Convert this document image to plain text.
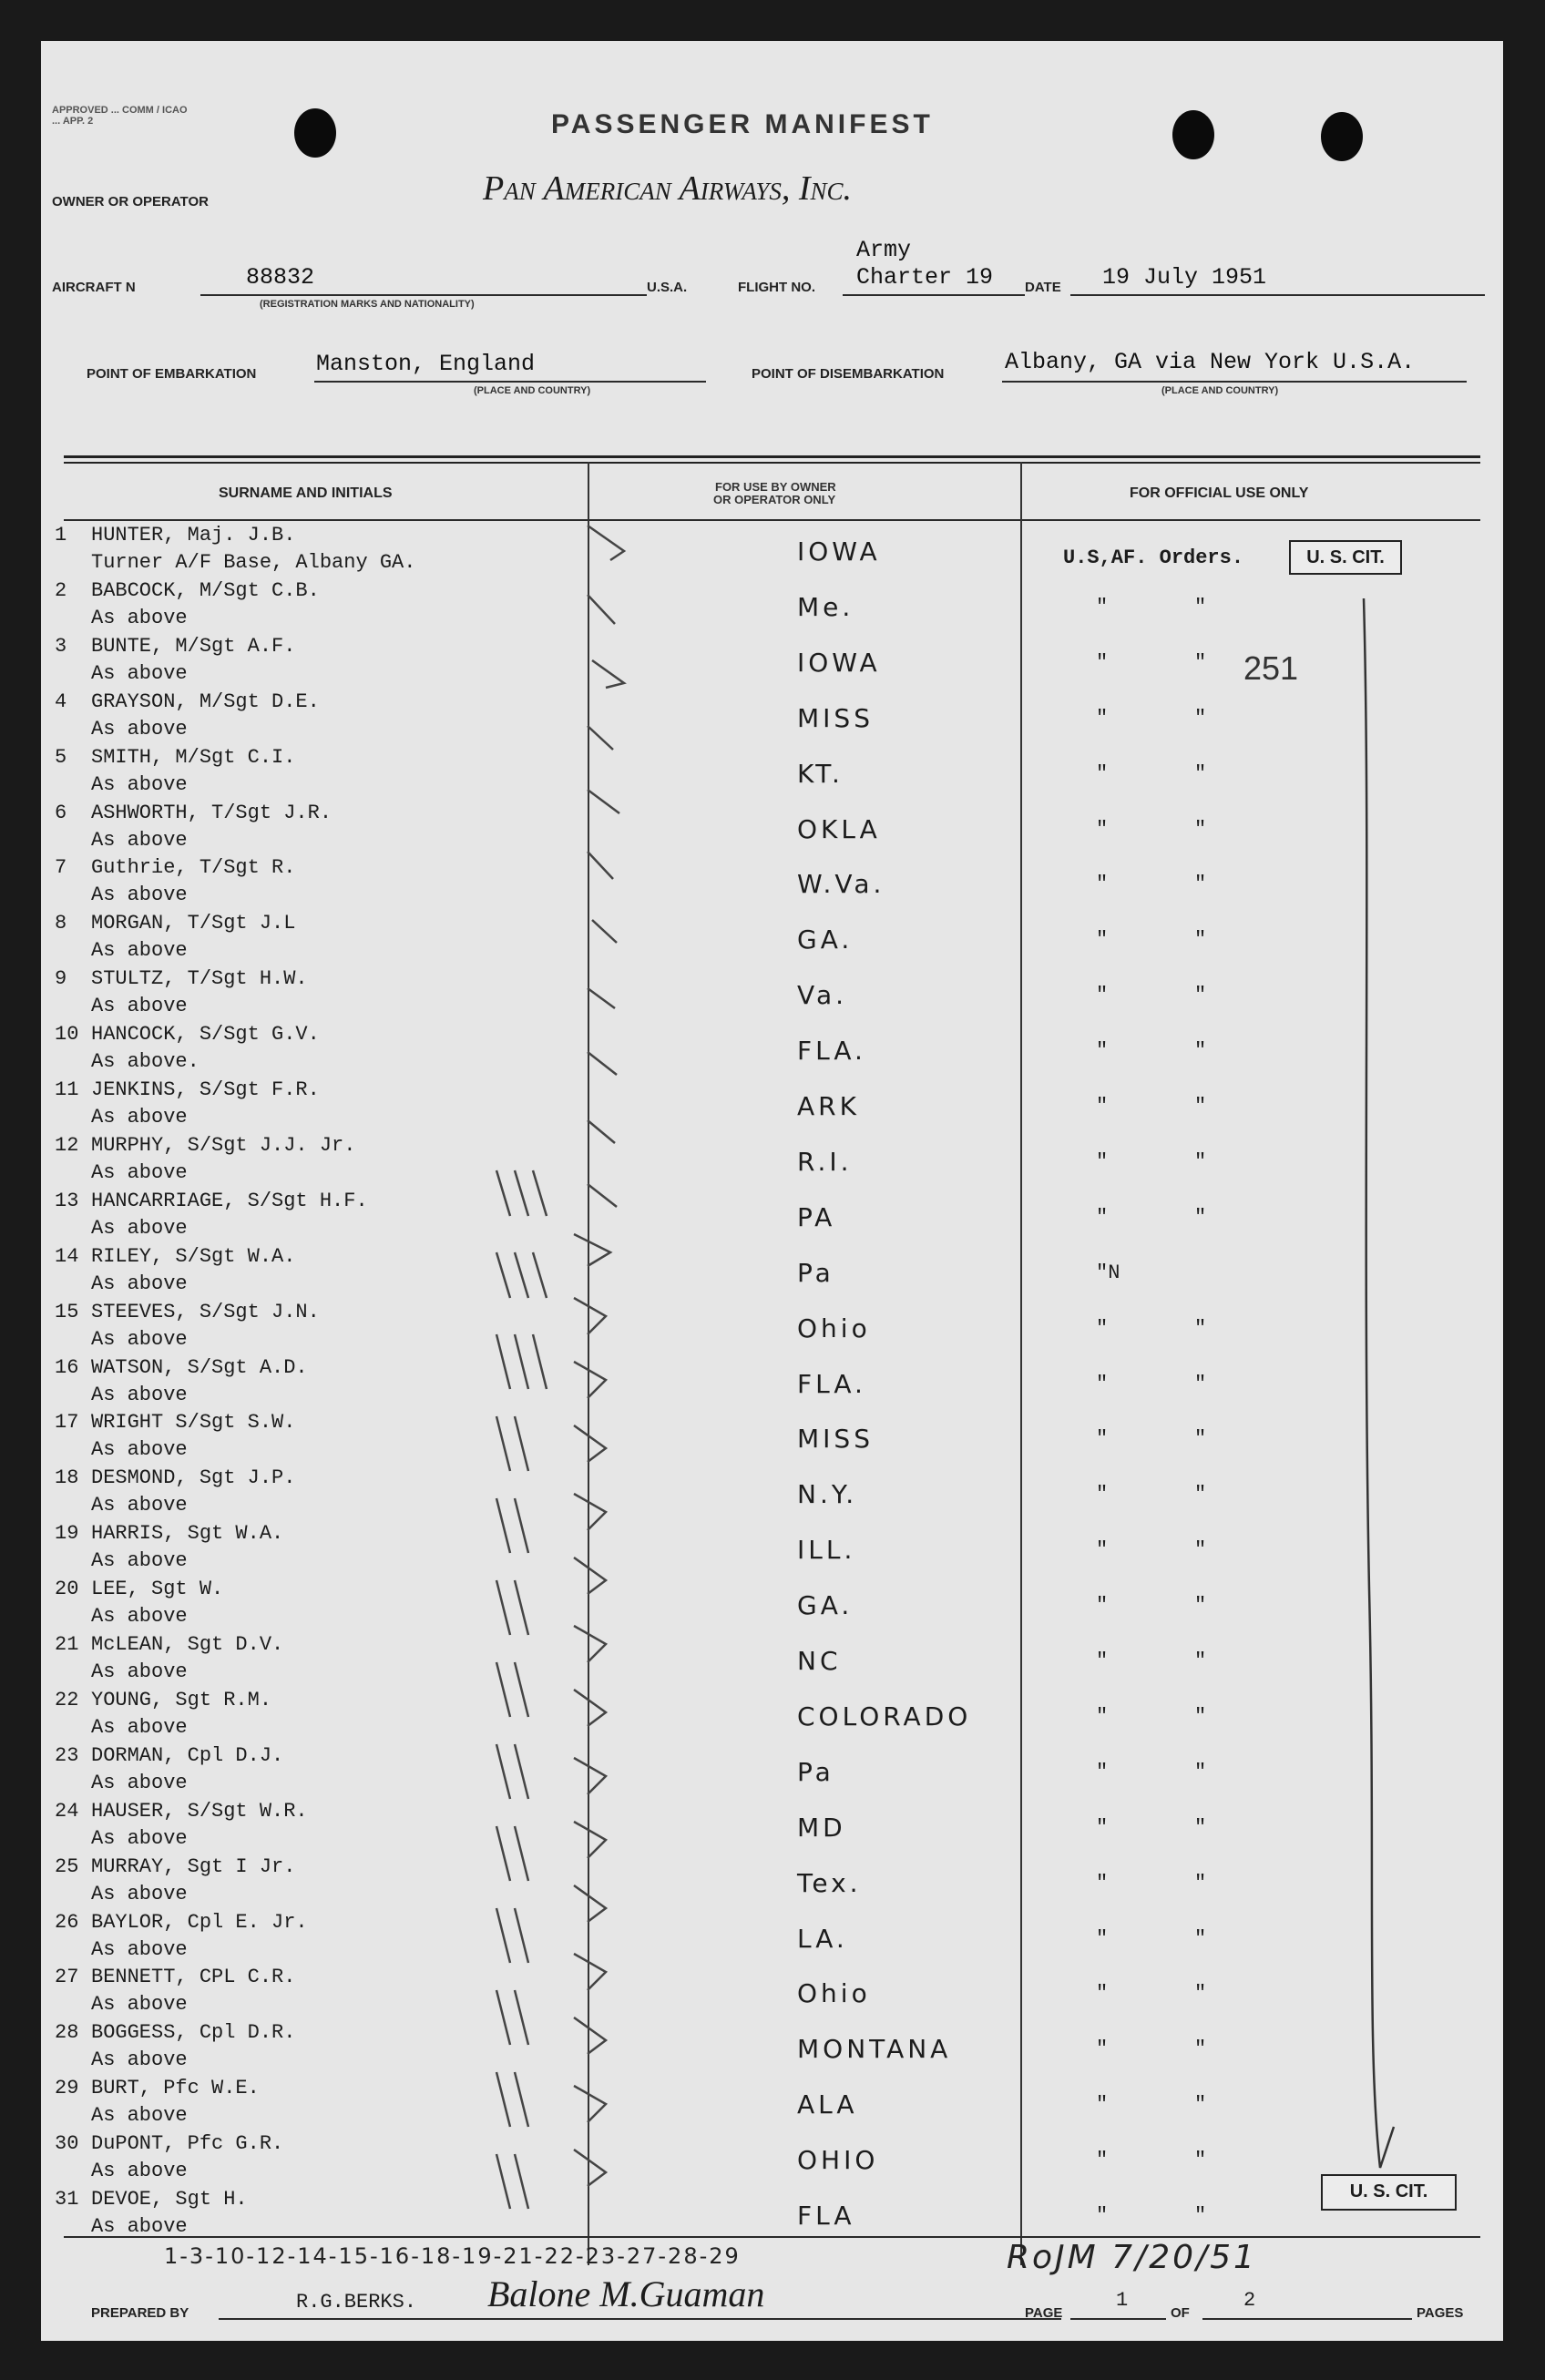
APPROVED ... COMM / ICAO ... APP. 2	PASSENGER MANIFEST
OWNER OR OPERATOR	Pan American Airways, Inc.
AIRCRAFT N	88832
(REGISTRATION MARKS AND NATIONALITY)
U.S.A.	FLIGHT NO.
Army
Charter 19 DATE 19 July 1951
POINT OF EMBARKATION	Manston, England
(PLACE AND COUNTRY)
POINT OF DISEMBARKATION	Albany, GA via New York U.S.A.
(PLACE AND COUNTRY)
SURNAME AND INITIALS	FOR USE BY OWNER
OR OPERATOR ONLY	FOR OFFICIAL USE ONLY
U.S,AF. Orders.	U. S. CIT.
251
U. S. CIT.
1 HUNTER, Maj. J.B.
Turner A/F Base, Albany GA.	IOWA
2 BABCOCK, M/Sgt C.B.
As above	Me.	"	"
3 BUNTE, M/Sgt A.F.
As above	IOWA	"	"
4 GRAYSON, M/Sgt D.E.
As above	MISS	"	"
5 SMITH, M/Sgt C.I.
As above	KT.	"	"
6 ASHWORTH, T/Sgt J.R.
As above	OKLA	"	"
7 Guthrie, T/Sgt R.
As above	W.Va.	"	"
8 MORGAN, T/Sgt J.L
As above	GA.	"	"
9 STULTZ, T/Sgt H.W.
As above	Va.	"	"
10 HANCOCK, S/Sgt G.V.
As above.	FLA.	"	"
11 JENKINS, S/Sgt F.R.
As above	ARK	"	"
12 MURPHY, S/Sgt J.J. Jr.
As above	R.I.	"	"
13 HANCARRIAGE, S/Sgt H.F.
As above	PA	"	"
14 RILEY, S/Sgt W.A.
As above	Pa	"N
15 STEEVES, S/Sgt J.N.
As above	Ohio	"	"
16 WATSON, S/Sgt A.D.
As above	FLA.	"	"
17 WRIGHT S/Sgt S.W.
As above	MISS	"	"
18 DESMOND, Sgt J.P.
As above	N.Y.	"	"
19 HARRIS, Sgt W.A.
As above	ILL.	"	"
20 LEE, Sgt W.
As above	GA.	"	"
21 McLEAN, Sgt D.V.
As above	NC	"	"
22 YOUNG, Sgt R.M.
As above	COLORADO	"	"
23 DORMAN, Cpl D.J.
As above	Pa	"	"
24 HAUSER, S/Sgt W.R.
As above	MD	"	"
25 MURRAY, Sgt I Jr.
As above	Tex.	"	"
26 BAYLOR, Cpl E. Jr.
As above	LA.	"	"
27 BENNETT, CPL C.R.
As above	Ohio	"	"
28 BOGGESS, Cpl D.R.
As above	MONTANA	"	"
29 BURT, Pfc W.E.
As above	ALA	"	"
30 DuPONT, Pfc G.R.
As above	OHIO	"	"
31 DEVOE, Sgt H.
As above	FLA	"	"
1-3-10-12-14-15-16-18-19-21-22-23-27-28-29	RoJM 7/20/51
PREPARED BY	R.G.BERKS. Balone M.Guaman	PAGE
1
OF
2
PAGES
